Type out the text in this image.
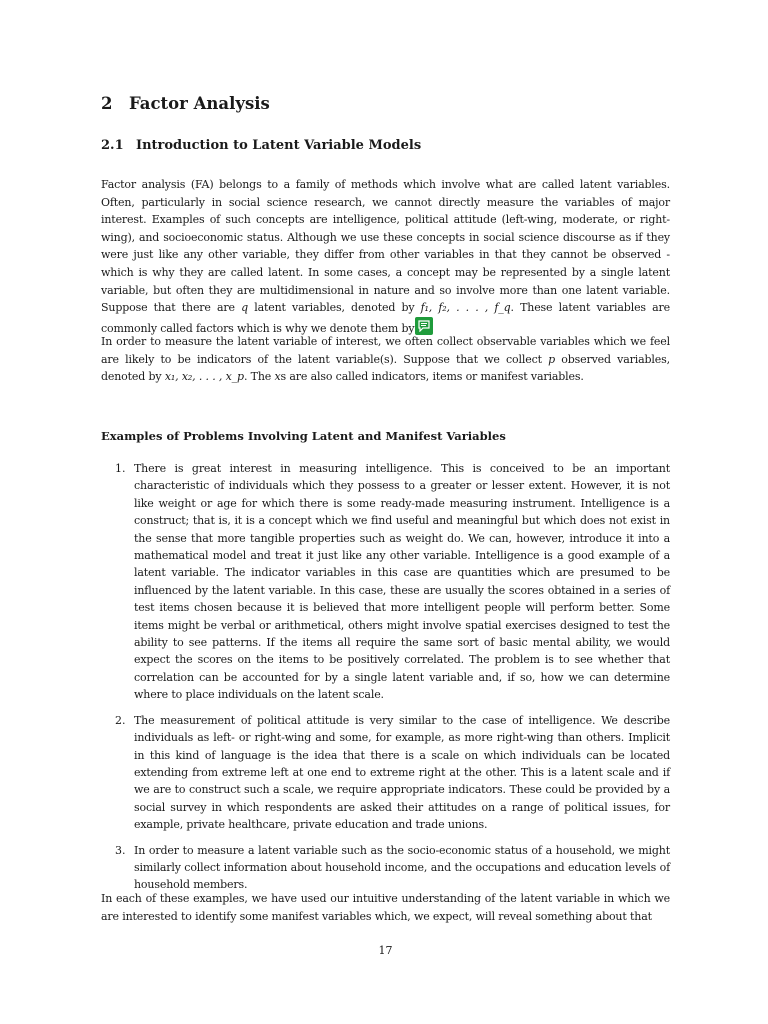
2 Factor Analysis
2.1 Introduction to Latent Variable Models

Factor analysis (FA) belongs to a family of methods which involve what are called latent variables. Often, particularly in social science research, we cannot directly measure the variables of major interest. Examples of such concepts are intelligence, political attitude (left-wing, moderate, or right-wing), and socioeconomic status. Although we use these concepts in social science discourse as if they were just like any other variable, they differ from other variables in that they cannot be observed - which is why they are called latent. In some cases, a concept may be represented by a single latent variable, but often they are multidimensional in nature and so involve more than one latent variable. Suppose that there are q latent variables, denoted by f₁, f₂, . . . , f_q. These latent variables are commonly called factors which is why we denote them by

In order to measure the latent variable of interest, we often collect observable variables which we feel are likely to be indicators of the latent variable(s). Suppose that we collect p observed variables, denoted by x₁, x₂, . . . , x_p. The xs are also called indicators, items or manifest variables.

Examples of Problems Involving Latent and Manifest Variables
1. There is great interest in measuring intelligence. This is conceived to be an important characteristic of individuals which they possess to a greater or lesser extent. However, it is not like weight or age for which there is some ready-made measuring instrument. Intelligence is a construct; that is, it is a concept which we find useful and meaningful but which does not exist in the sense that more tangible properties such as weight do. We can, however, introduce it into a mathematical model and treat it just like any other variable. Intelligence is a good example of a latent variable. The indicator variables in this case are quantities which are presumed to be influenced by the latent variable. In this case, these are usually the scores obtained in a series of test items chosen because it is believed that more intelligent people will perform better. Some items might be verbal or arithmetical, others might involve spatial exercises designed to test the ability to see patterns. If the items all require the same sort of basic mental ability, we would expect the scores on the items to be positively correlated. The problem is to see whether that correlation can be accounted for by a single latent variable and, if so, how we can determine where to place individuals on the latent scale.

2. The measurement of political attitude is very similar to the case of intelligence. We describe individuals as left- or right-wing and some, for example, as more right-wing than others. Implicit in this kind of language is the idea that there is a scale on which individuals can be located extending from extreme left at one end to extreme right at the other. This is a latent scale and if we are to construct such a scale, we require appropriate indicators. These could be provided by a social survey in which respondents are asked their attitudes on a range of political issues, for example, private healthcare, private education and trade unions.

3. In order to measure a latent variable such as the socio-economic status of a household, we might similarly collect information about household income, and the occupations and education levels of household members.

In each of these examples, we have used our intuitive understanding of the latent variable in which we are interested to identify some manifest variables which, we expect, will reveal something about that

17
